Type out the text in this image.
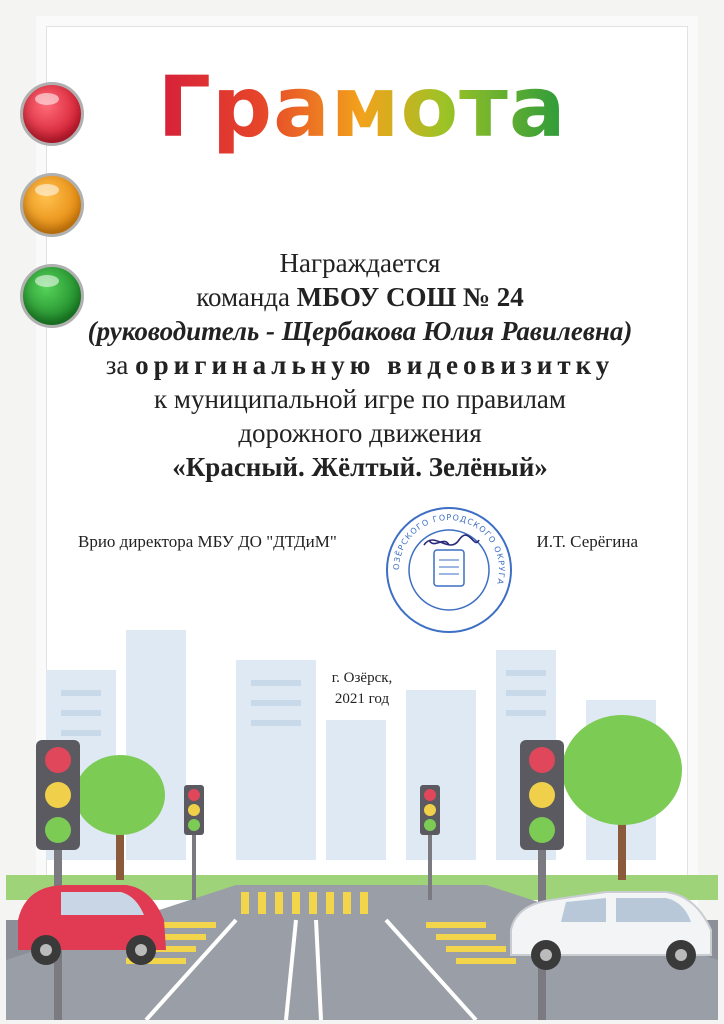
Грамота
Награждается
команда МБОУ СОШ № 24
(руководитель - Щербакова Юлия Равилевна)
за оригинальную видеовизитку
к муниципальной игре по правилам
дорожного движения
«Красный. Жёлтый. Зелёный»
Врио директора МБУ ДО "ДТДиМ"	И.Т. Серёгина
ОЗЁРСКОГО ГОРОДСКОГО ОКРУГА
г. Озёрск,
2021 год
